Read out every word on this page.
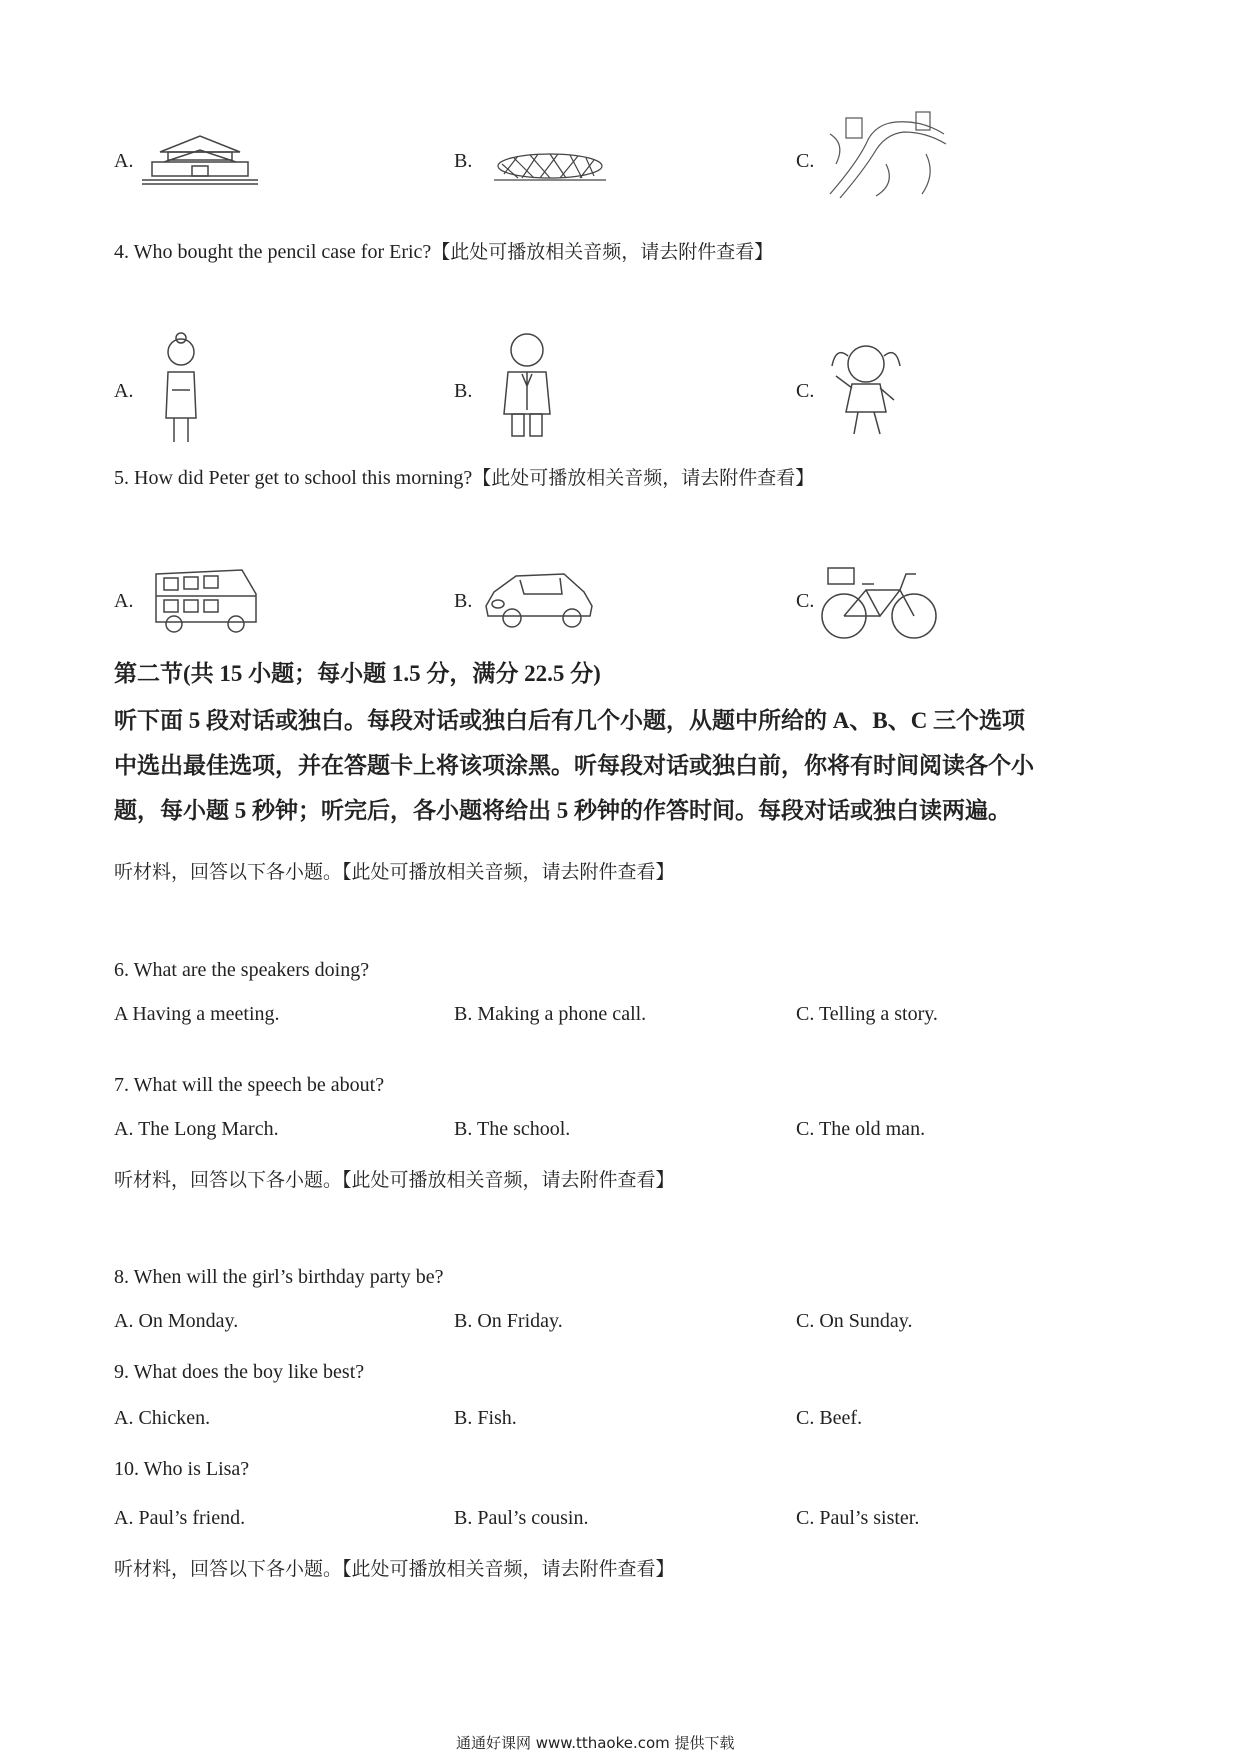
A.	B.	C.
4. Who bought the pencil case for Eric?【此处可播放相关音频，请去附件查看】
A.	B.	C.
5. How did Peter get to school this morning?【此处可播放相关音频，请去附件查看】
A.	B.	C.
第二节(共 15 小题；每小题 1.5 分，满分 22.5 分)
听下面 5 段对话或独白。每段对话或独白后有几个小题，从题中所给的 A、B、C 三个选项
中选出最佳选项，并在答题卡上将该项涂黑。听每段对话或独白前，你将有时间阅读各个小
题，每小题 5 秒钟；听完后，各小题将给出 5 秒钟的作答时间。每段对话或独白读两遍。
听材料，回答以下各小题。【此处可播放相关音频，请去附件查看】
6. What are the speakers doing?
A Having a meeting.	B. Making a phone call.	C. Telling a story.
7. What will the speech be about?
A. The Long March.	B. The school.	C. The old man.
听材料，回答以下各小题。【此处可播放相关音频，请去附件查看】
8. When will the girl’s birthday party be?
A. On Monday.	B. On Friday.	C. On Sunday.
9. What does the boy like best?
A. Chicken.	B. Fish.	C. Beef.
10. Who is Lisa?
A. Paul’s friend.	B. Paul’s cousin.	C. Paul’s sister.
听材料，回答以下各小题。【此处可播放相关音频，请去附件查看】
通通好课网 www.tthaoke.com 提供下载
